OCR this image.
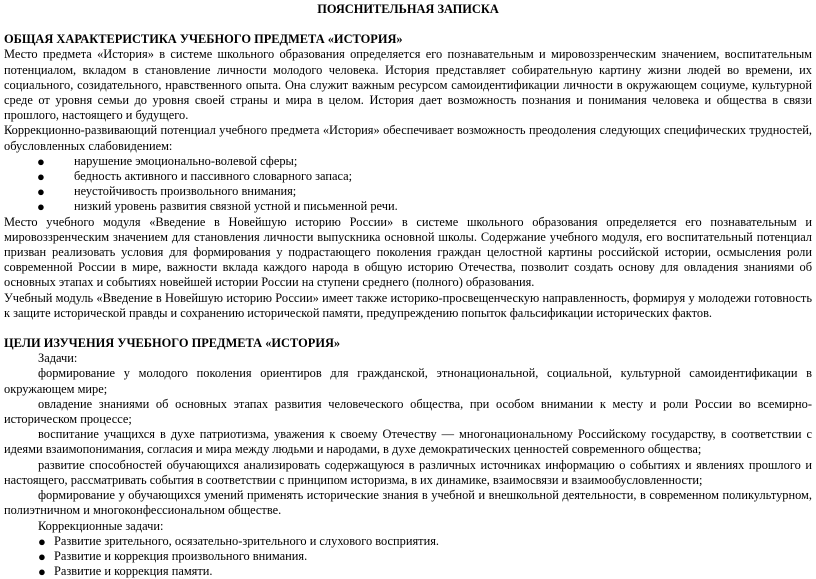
ПОЯСНИТЕЛЬНАЯ ЗАПИСКА
ОБЩАЯ ХАРАКТЕРИСТИКА УЧЕБНОГО ПРЕДМЕТА «ИСТОРИЯ»

Место предмета «История» в системе школьного образования определяется его познавательным и мировоззренческим значением, воспитательным потенциалом, вкладом в становление личности молодого человека. История представляет собирательную картину жизни людей во времени, их социального, созидательного, нравственного опыта. Она служит важным ресурсом самоидентификации личности в окружающем социуме, культурной среде от уровня семьи до уровня своей страны и мира в целом. История дает возможность познания и понимания человека и общества в связи прошлого, настоящего и будущего.

Коррекционно-развивающий потенциал учебного предмета «История» обеспечивает возможность преодоления следующих специфических трудностей, обусловленных слабовидением:

● нарушение эмоционально-волевой сферы;
● бедность активного и пассивного словарного запаса;
● неустойчивость произвольного внимания;
● низкий уровень развития связной устной и письменной речи.

Место учебного модуля «Введение в Новейшую историю России» в системе школьного образования определяется его познавательным и мировоззренческим значением для становления личности выпускника основной школы. Содержание учебного модуля, его воспитательный потенциал призван реализовать условия для формирования у подрастающего поколения граждан целостной картины российской истории, осмысления роли современной России в мире, важности вклада каждого народа в общую историю Отечества, позволит создать основу для овладения знаниями об основных этапах и событиях новейшей истории России на ступени среднего (полного) образования.

Учебный модуль «Введение в Новейшую историю России» имеет также историко-просвещенческую направленность, формируя у молодежи готовность к защите исторической правды и сохранению исторической памяти, предупреждению попыток фальсификации исторических фактов.

ЦЕЛИ ИЗУЧЕНИЯ УЧЕБНОГО ПРЕДМЕТА «ИСТОРИЯ»

Задачи:

формирование у молодого поколения ориентиров для гражданской, этнонациональной, социальной, культурной самоидентификации в окружающем мире;

овладение знаниями об основных этапах развития человеческого общества, при особом внимании к месту и роли России во всемирно-историческом процессе;

воспитание учащихся в духе патриотизма, уважения к своему Отечеству — многонациональному Российскому государству, в соответствии с идеями взаимопонимания, согласия и мира между людьми и народами, в духе демократических ценностей современного общества;

развитие способностей обучающихся анализировать содержащуюся в различных источниках информацию о событиях и явлениях прошлого и настоящего, рассматривать события в соответствии с принципом историзма, в их динамике, взаимосвязи и взаимообусловленности;

формирование у обучающихся умений применять исторические знания в учебной и внешкольной деятельности, в современном поликультурном, полиэтничном и многоконфессиональном обществе.

Коррекционные задачи:

● Развитие зрительного, осязательно-зрительного и слухового восприятия.
● Развитие и коррекция произвольного внимания.
● Развитие и коррекция памяти.
